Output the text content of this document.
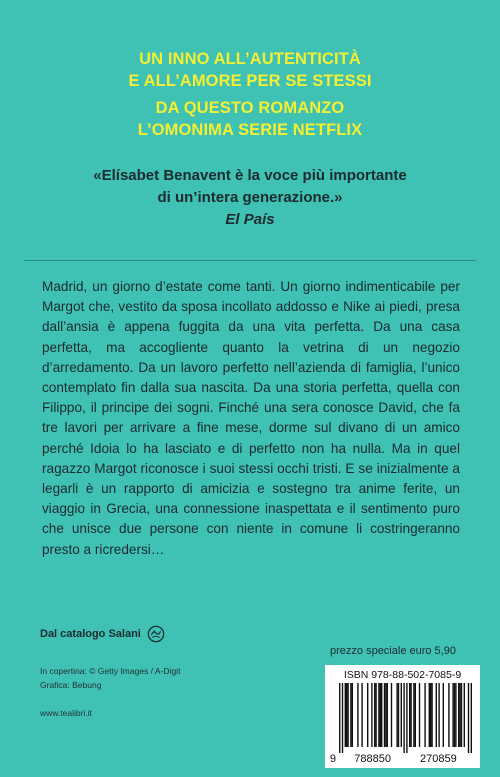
UN INNO ALL’AUTENTICITÀ
E ALL’AMORE PER SE STESSI
DA QUESTO ROMANZO
L’OMONIMA SERIE NETFLIX
«Elísabet Benavent è la voce più importante
di un’intera generazione.»
El País
Madrid, un giorno d’estate come tanti. Un giorno indimenticabile per Margot che, vestito da sposa incollato addosso e Nike ai piedi, presa dall’ansia è appena fuggita da una vita perfetta. Da una casa perfetta, ma accogliente quanto la vetrina di un negozio d’arredamento. Da un lavoro perfetto nell’azienda di famiglia, l’unico contemplato fin dalla sua nascita. Da una storia perfetta, quella con Filippo, il principe dei sogni. Finché una sera conosce David, che fa tre lavori per arrivare a fine mese, dorme sul divano di un amico perché Idoia lo ha lasciato e di perfetto non ha nulla. Ma in quel ragazzo Margot riconosce i suoi stessi occhi tristi. E se inizialmente a legarli è un rapporto di amicizia e sostegno tra anime ferite, un viaggio in Grecia, una connessione inaspettata e il sentimento puro che unisce due persone con niente in comune li costringeranno presto a ricredersi…
Dal catalogo Salani
In copertina: © Getty Images / A-Digit
Grafica: Bebung
www.tealibri.it
prezzo speciale euro 5,90
ISBN 978-88-502-7085-9
9 788850	270859
